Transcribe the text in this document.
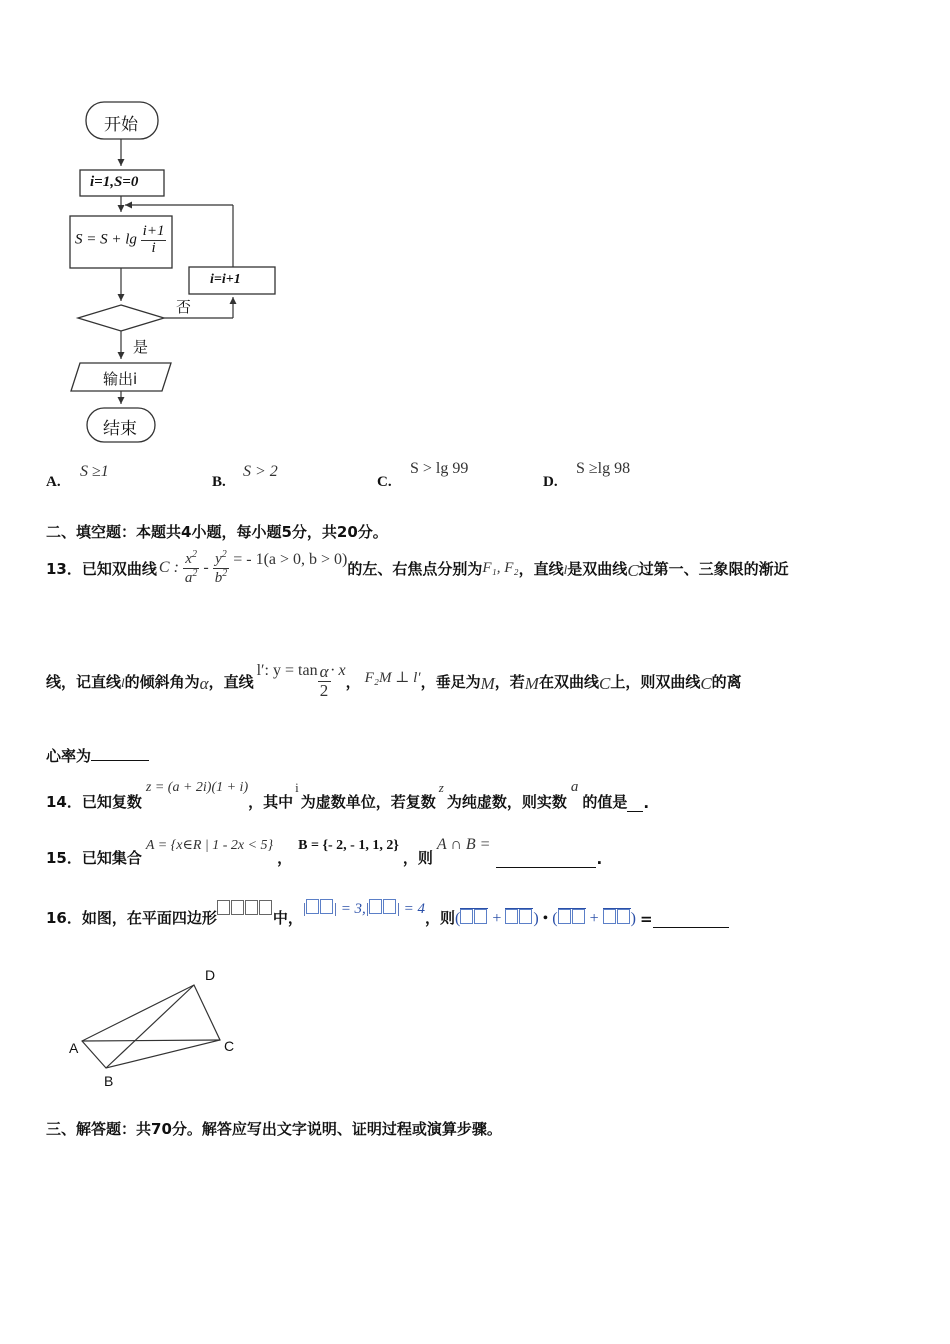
开始
i=1,S=0
$S = S + \lg \frac{i+1}{i}$
i=i+1
否
是
输出i
结束
A.
S ≥1
B.
S > 2
C.
S > lg 99
D.
S ≥lg 98
二、填空题：本题共4小题，每小题5分，共20分。
13． 已知双曲线 C : $\frac{x^2}{a^2} - \frac{y^2}{b^2}$ = - 1(a > 0, b > 0)
的左、右焦点分别为 F₁, F₂ ，直线 l 是双曲线 C 过第一、三象限的渐近
线，记直线 l 的倾斜角为 α ，直线
l′: $y = \tan \frac{\alpha}{2} \cdot x$
， F₂M ⊥ l′ ，垂足为 M ，若 M 在双曲线 C 上，则双曲线 C 的离
心率为
14． 已知复数
z = (a + 2i)(1 + i)
，其中
i
为虚数单位，若复数
z
为纯虚数，则实数
a
的值是 .
15． 已知集合
A = {x∈R | 1 - 2x < 5}
，
B = {- 2, - 1, 1, 2}
，则
A ∩ B =
.
16． 如图，在平面四边形	中， | | = 3, | | = 4 ，则 ( + ) • ( + ) =
A
B
C
D
三、解答题：共70分。解答应写出文字说明、证明过程或演算步骤。
